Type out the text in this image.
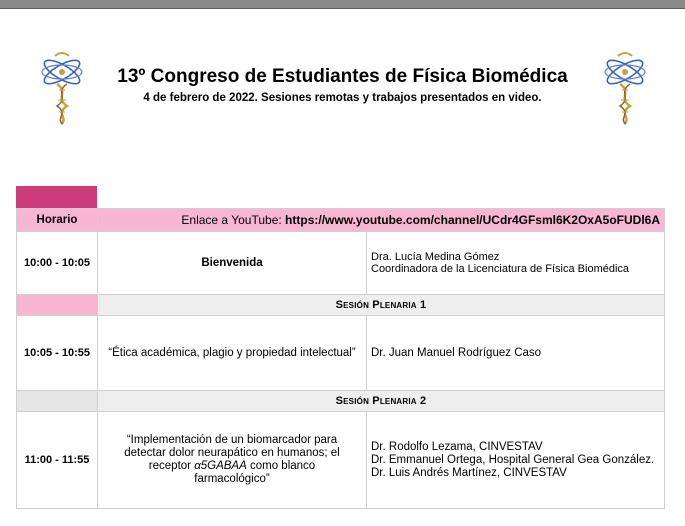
13º Congreso de Estudiantes de Física Biomédica
4 de febrero de 2022. Sesiones remotas y trabajos presentados en video.
Horario	Enlace a YouTube: https://www.youtube.com/channel/UCdr4GFsml6K2OxA5oFUDl6A	
10:00 - 10:05	Bienvenida	Dra. Lucía Medina Gómez
Coordinadora de la Licenciatura de Física Biomédica

	Sesión Plenaria 1	
10:05 - 10:55	“Ética académica, plagio y propiedad intelectual”	Dr. Juan Manuel Rodríguez Caso

	Sesión Plenaria 2	
11:00 - 11:55	“Implementación de un biomarcador para detectar dolor neurapático en humanos; el receptor α5GABAA como blanco farmacológico”	Dr. Rodolfo Lezama, CINVESTAV
Dr. Emmanuel Ortega, Hospital General Gea González.
Dr. Luis Andrés Martínez, CINVESTAV
